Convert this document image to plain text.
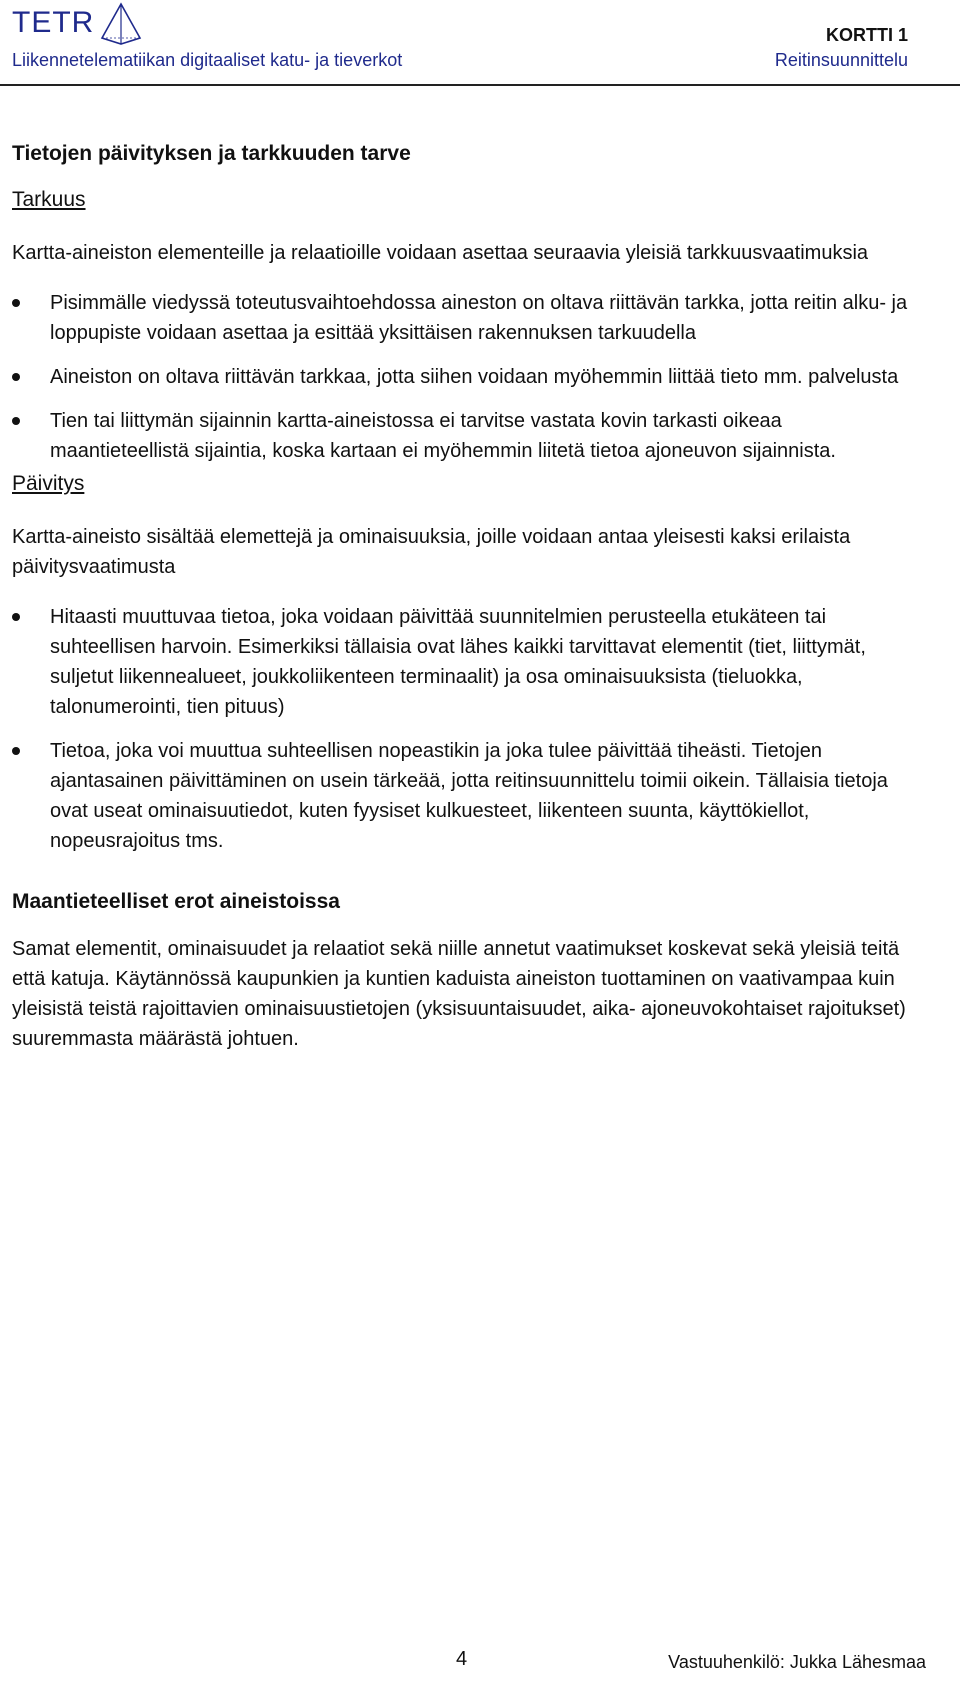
TETR
Liikennetelematiikan digitaaliset katu- ja tieverkot
KORTTI 1
Reitinsuunnittelu
Tietojen päivityksen ja tarkkuuden tarve
Tarkuus

Kartta-aineiston elementeille ja relaatioille voidaan asettaa seuraavia yleisiä tarkkuusvaatimuksia

Pisimmälle viedyssä toteutusvaihtoehdossa aineston on oltava riittävän tarkka, jotta reitin alku- ja loppupiste voidaan asettaa ja esittää yksittäisen rakennuksen tarkuudella
Aineiston on oltava riittävän tarkkaa, jotta siihen voidaan myöhemmin liittää tieto mm. palvelusta
Tien tai liittymän sijainnin kartta-aineistossa ei tarvitse vastata kovin tarkasti oikeaa maantieteellistä sijaintia, koska kartaan ei myöhemmin liitetä tietoa ajoneuvon sijainnista.
Päivitys

Kartta-aineisto sisältää elemettejä ja ominaisuuksia, joille voidaan antaa yleisesti kaksi erilaista päivitysvaatimusta

Hitaasti muuttuvaa tietoa, joka voidaan päivittää suunnitelmien perusteella etukäteen tai suhteellisen harvoin. Esimerkiksi tällaisia ovat lähes kaikki tarvittavat elementit (tiet, liittymät, suljetut liikennealueet, joukkoliikenteen terminaalit) ja osa ominaisuuksista (tieluokka, talonumerointi, tien pituus)
Tietoa, joka voi muuttua suhteellisen nopeastikin ja joka tulee päivittää tiheästi. Tietojen ajantasainen päivittäminen on usein tärkeää, jotta reitinsuunnittelu toimii oikein. Tällaisia tietoja ovat useat ominaisuutiedot, kuten fyysiset kulkuesteet, liikenteen suunta, käyttökiellot, nopeusrajoitus tms.
Maantieteelliset erot aineistoissa

Samat elementit, ominaisuudet ja relaatiot sekä niille annetut vaatimukset koskevat sekä yleisiä teitä että katuja. Käytännössä kaupunkien ja kuntien kaduista aineiston tuottaminen on vaativampaa kuin yleisistä teistä rajoittavien ominaisuustietojen (yksisuuntaisuudet, aika- ajoneuvokohtaiset rajoitukset) suuremmasta määrästä johtuen.

4	Vastuuhenkilö: Jukka Lähesmaa
